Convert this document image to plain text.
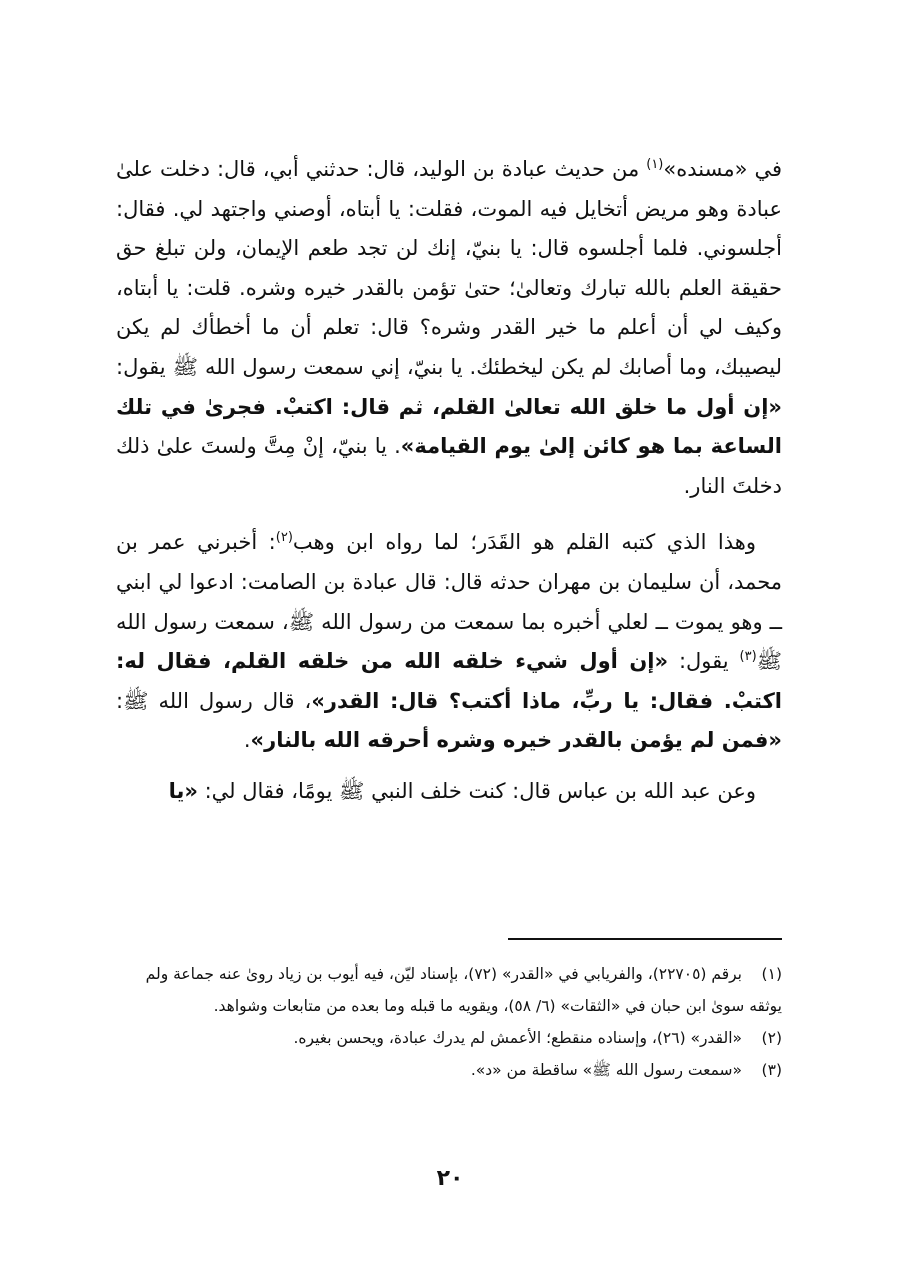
في «مسنده»$^{(١)}$ من حديث عبادة بن الوليد، قال: حدثني أبي، قال: دخلت علىٰ عبادة وهو مريض أتخايل فيه الموت، فقلت: يا أبتاه، أوصني واجتهد لي. فقال: أجلسوني. فلما أجلسوه قال: يا بنيّ، إنك لن تجد طعم الإيمان، ولن تبلغ حق حقيقة العلم بالله تبارك وتعالىٰ؛ حتىٰ تؤمن بالقدر خيره وشره. قلت: يا أبتاه، وكيف لي أن أعلم ما خير القدر وشره؟ قال: تعلم أن ما أخطأك لم يكن ليصيبك، وما أصابك لم يكن ليخطئك. يا بنيّ، إني سمعت رسول الله ﷺ يقول: «إن أول ما خلق الله تعالىٰ القلم، ثم قال: اكتبْ. فجرىٰ في تلك الساعة بما هو كائن إلىٰ يوم القيامة». يا بنيّ، إنْ مِتَّ ولستَ علىٰ ذلك دخلتَ النار.

وهذا الذي كتبه القلم هو القَدَر؛ لما رواه ابن وهب$^{(٢)}$: أخبرني عمر بن محمد، أن سليمان بن مهران حدثه قال: قال عبادة بن الصامت: ادعوا لي ابني ــ وهو يموت ــ لعلي أخبره بما سمعت من رسول الله ﷺ، سمعت رسول الله ﷺ$^{(٣)}$ يقول: «إن أول شيء خلقه الله من خلقه القلم، فقال له: اكتبْ. فقال: يا ربِّ، ماذا أكتب؟ قال: القدر»، قال رسول الله ﷺ: «فمن لم يؤمن بالقدر خيره وشره أحرقه الله بالنار».

وعن عبد الله بن عباس قال: كنت خلف النبي ﷺ يومًا، فقال لي: «يا

(١)برقم (٢٢٧٠٥)، والفريابي في «القدر» (٧٢)، بإسناد ليّن، فيه أيوب بن زياد روىٰ عنه جماعة ولم يوثقه سوىٰ ابن حبان في «الثقات» (٦/ ٥٨)، ويقويه ما قبله وما بعده من متابعات وشواهد.

(٢)«القدر» (٢٦)، وإسناده منقطع؛ الأعمش لم يدرك عبادة، ويحسن بغيره.

(٣)«سمعت رسول الله ﷺ» ساقطة من «د».

٢٠
